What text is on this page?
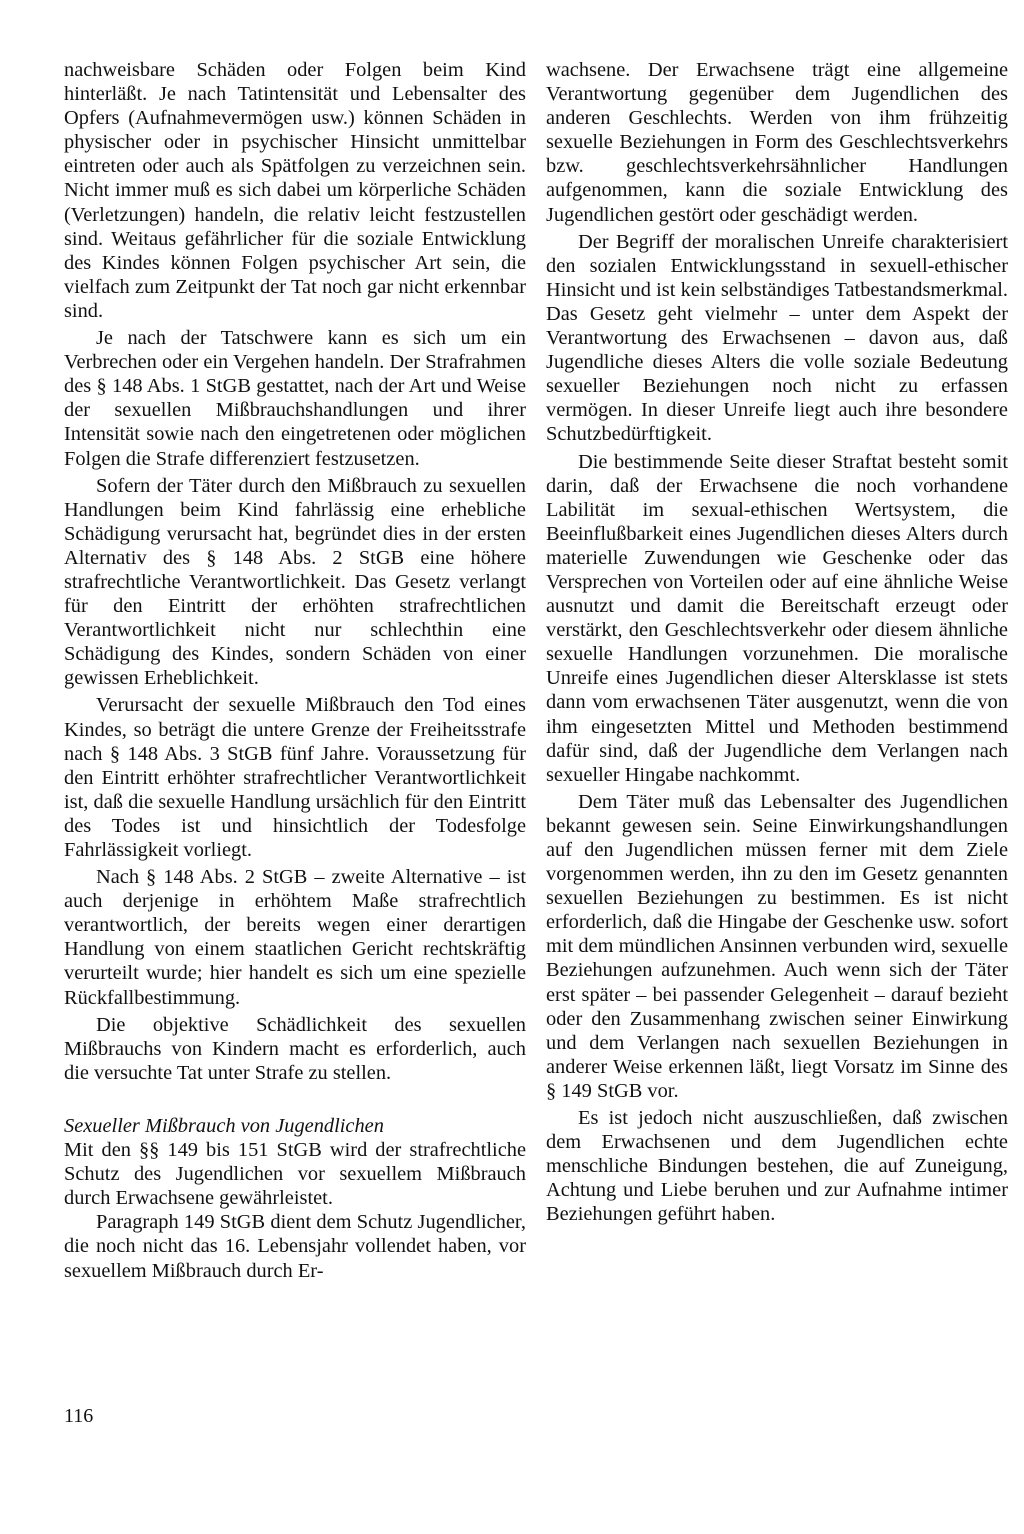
nachweisbare Schäden oder Folgen beim Kind hinterläßt. Je nach Tatintensität und Lebensalter des Opfers (Aufnahmevermögen usw.) können Schäden in physischer oder in psychischer Hinsicht unmittelbar eintreten oder auch als Spätfolgen zu verzeichnen sein. Nicht immer muß es sich dabei um körperliche Schäden (Verletzungen) handeln, die relativ leicht festzustellen sind. Weitaus gefährlicher für die soziale Entwicklung des Kindes können Folgen psychischer Art sein, die vielfach zum Zeitpunkt der Tat noch gar nicht erkennbar sind.

Je nach der Tatschwere kann es sich um ein Verbrechen oder ein Vergehen handeln. Der Strafrahmen des § 148 Abs. 1 StGB gestattet, nach der Art und Weise der sexuellen Mißbrauchshandlungen und ihrer Intensität sowie nach den eingetretenen oder möglichen Folgen die Strafe differenziert festzusetzen.

Sofern der Täter durch den Mißbrauch zu sexuellen Handlungen beim Kind fahrlässig eine erhebliche Schädigung verursacht hat, begründet dies in der ersten Alternativ des § 148 Abs. 2 StGB eine höhere strafrechtliche Verantwortlichkeit. Das Gesetz verlangt für den Eintritt der erhöhten strafrechtlichen Verantwortlichkeit nicht nur schlechthin eine Schädigung des Kindes, sondern Schäden von einer gewissen Erheblichkeit.

Verursacht der sexuelle Mißbrauch den Tod eines Kindes, so beträgt die untere Grenze der Freiheitsstrafe nach § 148 Abs. 3 StGB fünf Jahre. Voraussetzung für den Eintritt erhöhter strafrechtlicher Verantwortlichkeit ist, daß die sexuelle Handlung ursächlich für den Eintritt des Todes ist und hinsichtlich der Todesfolge Fahrlässigkeit vorliegt.

Nach § 148 Abs. 2 StGB – zweite Alternative – ist auch derjenige in erhöhtem Maße strafrechtlich verantwortlich, der bereits wegen einer derartigen Handlung von einem staatlichen Gericht rechtskräftig verurteilt wurde; hier handelt es sich um eine spezielle Rückfallbestimmung.

Die objektive Schädlichkeit des sexuellen Mißbrauchs von Kindern macht es erforderlich, auch die versuchte Tat unter Strafe zu stellen.

Sexueller Mißbrauch von Jugendlichen

Mit den §§ 149 bis 151 StGB wird der strafrechtliche Schutz des Jugendlichen vor sexuellem Mißbrauch durch Erwachsene gewährleistet.

Paragraph 149 StGB dient dem Schutz Jugendlicher, die noch nicht das 16. Lebensjahr vollendet haben, vor sexuellem Mißbrauch durch Er-

wachsene. Der Erwachsene trägt eine allgemeine Verantwortung gegenüber dem Jugendlichen des anderen Geschlechts. Werden von ihm frühzeitig sexuelle Beziehungen in Form des Geschlechtsverkehrs bzw. geschlechtsverkehrsähnlicher Handlungen aufgenommen, kann die soziale Entwicklung des Jugendlichen gestört oder geschädigt werden.

Der Begriff der moralischen Unreife charakterisiert den sozialen Entwicklungsstand in sexuell-ethischer Hinsicht und ist kein selbständiges Tatbestandsmerkmal. Das Gesetz geht vielmehr – unter dem Aspekt der Verantwortung des Erwachsenen – davon aus, daß Jugendliche dieses Alters die volle soziale Bedeutung sexueller Beziehungen noch nicht zu erfassen vermögen. In dieser Unreife liegt auch ihre besondere Schutzbedürftigkeit.

Die bestimmende Seite dieser Straftat besteht somit darin, daß der Erwachsene die noch vorhandene Labilität im sexual-ethischen Wertsystem, die Beeinflußbarkeit eines Jugendlichen dieses Alters durch materielle Zuwendungen wie Geschenke oder das Versprechen von Vorteilen oder auf eine ähnliche Weise ausnutzt und damit die Bereitschaft erzeugt oder verstärkt, den Geschlechtsverkehr oder diesem ähnliche sexuelle Handlungen vorzunehmen. Die moralische Unreife eines Jugendlichen dieser Altersklasse ist stets dann vom erwachsenen Täter ausgenutzt, wenn die von ihm eingesetzten Mittel und Methoden bestimmend dafür sind, daß der Jugendliche dem Verlangen nach sexueller Hingabe nachkommt.

Dem Täter muß das Lebensalter des Jugendlichen bekannt gewesen sein. Seine Einwirkungshandlungen auf den Jugendlichen müssen ferner mit dem Ziele vorgenommen werden, ihn zu den im Gesetz genannten sexuellen Beziehungen zu bestimmen. Es ist nicht erforderlich, daß die Hingabe der Geschenke usw. sofort mit dem mündlichen Ansinnen verbunden wird, sexuelle Beziehungen aufzunehmen. Auch wenn sich der Täter erst später – bei passender Gelegenheit – darauf bezieht oder den Zusammenhang zwischen seiner Einwirkung und dem Verlangen nach sexuellen Beziehungen in anderer Weise erkennen läßt, liegt Vorsatz im Sinne des § 149 StGB vor.

Es ist jedoch nicht auszuschließen, daß zwischen dem Erwachsenen und dem Jugendlichen echte menschliche Bindungen bestehen, die auf Zuneigung, Achtung und Liebe beruhen und zur Aufnahme intimer Beziehungen geführt haben.

116
